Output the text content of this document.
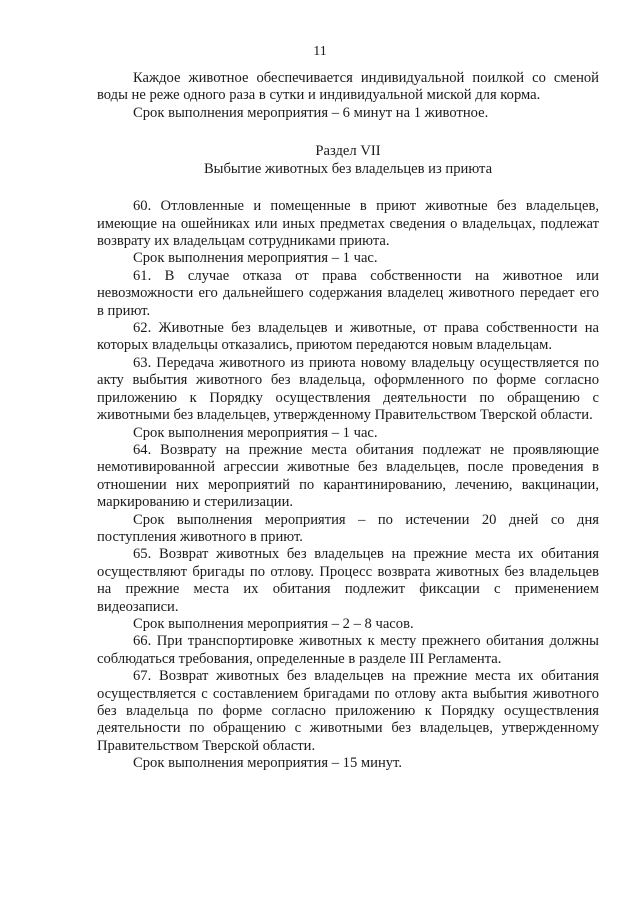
11

Каждое животное обеспечивается индивидуальной поилкой со сменой воды не реже одного раза в сутки и индивидуальной миской для корма.

Срок выполнения мероприятия – 6 минут на 1 животное.

Раздел VII
Выбытие животных без владельцев из приюта

60. Отловленные и помещенные в приют животные без владельцев, имеющие на ошейниках или иных предметах сведения о владельцах, подлежат возврату их владельцам сотрудниками приюта.

Срок выполнения мероприятия – 1 час.

61. В случае отказа от права собственности на животное или невозможности его дальнейшего содержания владелец животного передает его в приют.

62. Животные без владельцев и животные, от права собственности на которых владельцы отказались, приютом передаются новым владельцам.

63. Передача животного из приюта новому владельцу осуществляется по акту выбытия животного без владельца, оформленного по форме согласно приложению к Порядку осуществления деятельности по обращению с животными без владельцев, утвержденному Правительством Тверской области.

Срок выполнения мероприятия – 1 час.

64. Возврату на прежние места обитания подлежат не проявляющие немотивированной агрессии животные без владельцев, после проведения в отношении них мероприятий по карантинированию, лечению, вакцинации, маркированию и стерилизации.

Срок выполнения мероприятия – по истечении 20 дней со дня поступления животного в приют.

65. Возврат животных без владельцев на прежние места их обитания осуществляют бригады по отлову. Процесс возврата животных без владельцев на прежние места их обитания подлежит фиксации с применением видеозаписи.

Срок выполнения мероприятия – 2 – 8 часов.

66. При транспортировке животных к месту прежнего обитания должны соблюдаться требования, определенные в разделе III Регламента.

67. Возврат животных без владельцев на прежние места их обитания осуществляется с составлением бригадами по отлову акта выбытия животного без владельца по форме согласно приложению к Порядку осуществления деятельности по обращению с животными без владельцев, утвержденному Правительством Тверской области.

Срок выполнения мероприятия – 15 минут.
